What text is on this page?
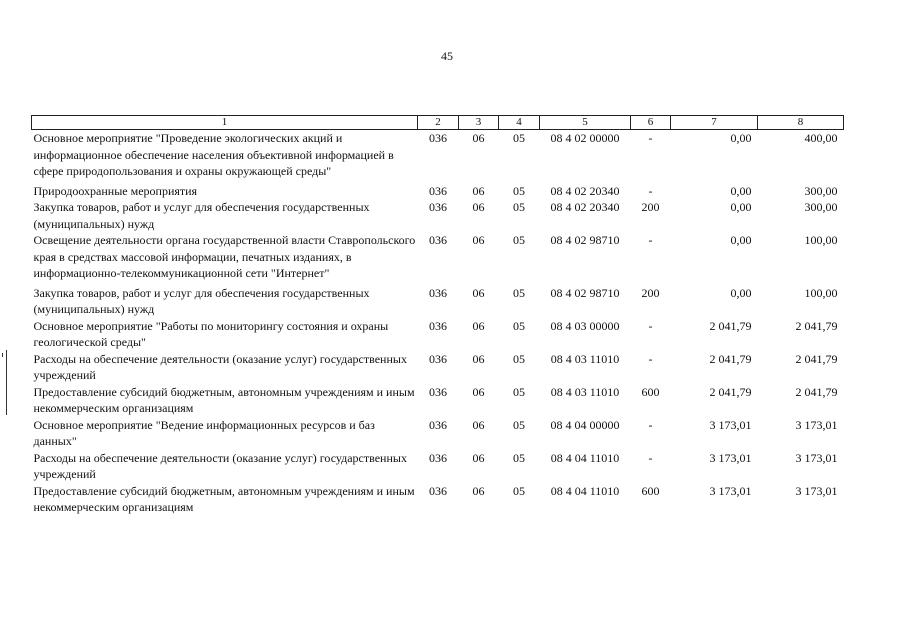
45
1	2	3	4	5	6	7	8
Основное мероприятие "Проведение экологических акций и информационное обеспечение населения объективной информацией в сфере природопользования и охраны окружающей среды"	036	06	05	08 4 02 00000	-	0,00	400,00
Природоохранные мероприятия	036	06	05	08 4 02 20340	-	0,00	300,00
Закупка товаров, работ и услуг для обеспечения государственных (муниципальных) нужд	036	06	05	08 4 02 20340	200	0,00	300,00
Освещение деятельности органа государственной власти Ставропольского края в средствах массовой информации, печатных изданиях, в информационно-телекоммуникационной сети "Интернет"	036	06	05	08 4 02 98710	-	0,00	100,00
Закупка товаров, работ и услуг для обеспечения государственных (муниципальных) нужд	036	06	05	08 4 02 98710	200	0,00	100,00
Основное мероприятие "Работы по мониторингу состояния и охраны геологической среды"	036	06	05	08 4 03 00000	-	2 041,79	2 041,79
Расходы на обеспечение деятельности (оказание услуг) государственных учреждений	036	06	05	08 4 03 11010	-	2 041,79	2 041,79
Предоставление субсидий бюджетным, автономным учреждениям и иным некоммерческим организациям	036	06	05	08 4 03 11010	600	2 041,79	2 041,79
Основное мероприятие "Ведение информационных ресурсов и баз данных"	036	06	05	08 4 04 00000	-	3 173,01	3 173,01
Расходы на обеспечение деятельности (оказание услуг) государственных учреждений	036	06	05	08 4 04 11010	-	3 173,01	3 173,01
Предоставление субсидий бюджетным, автономным учреждениям и иным некоммерческим организациям	036	06	05	08 4 04 11010	600	3 173,01	3 173,01
